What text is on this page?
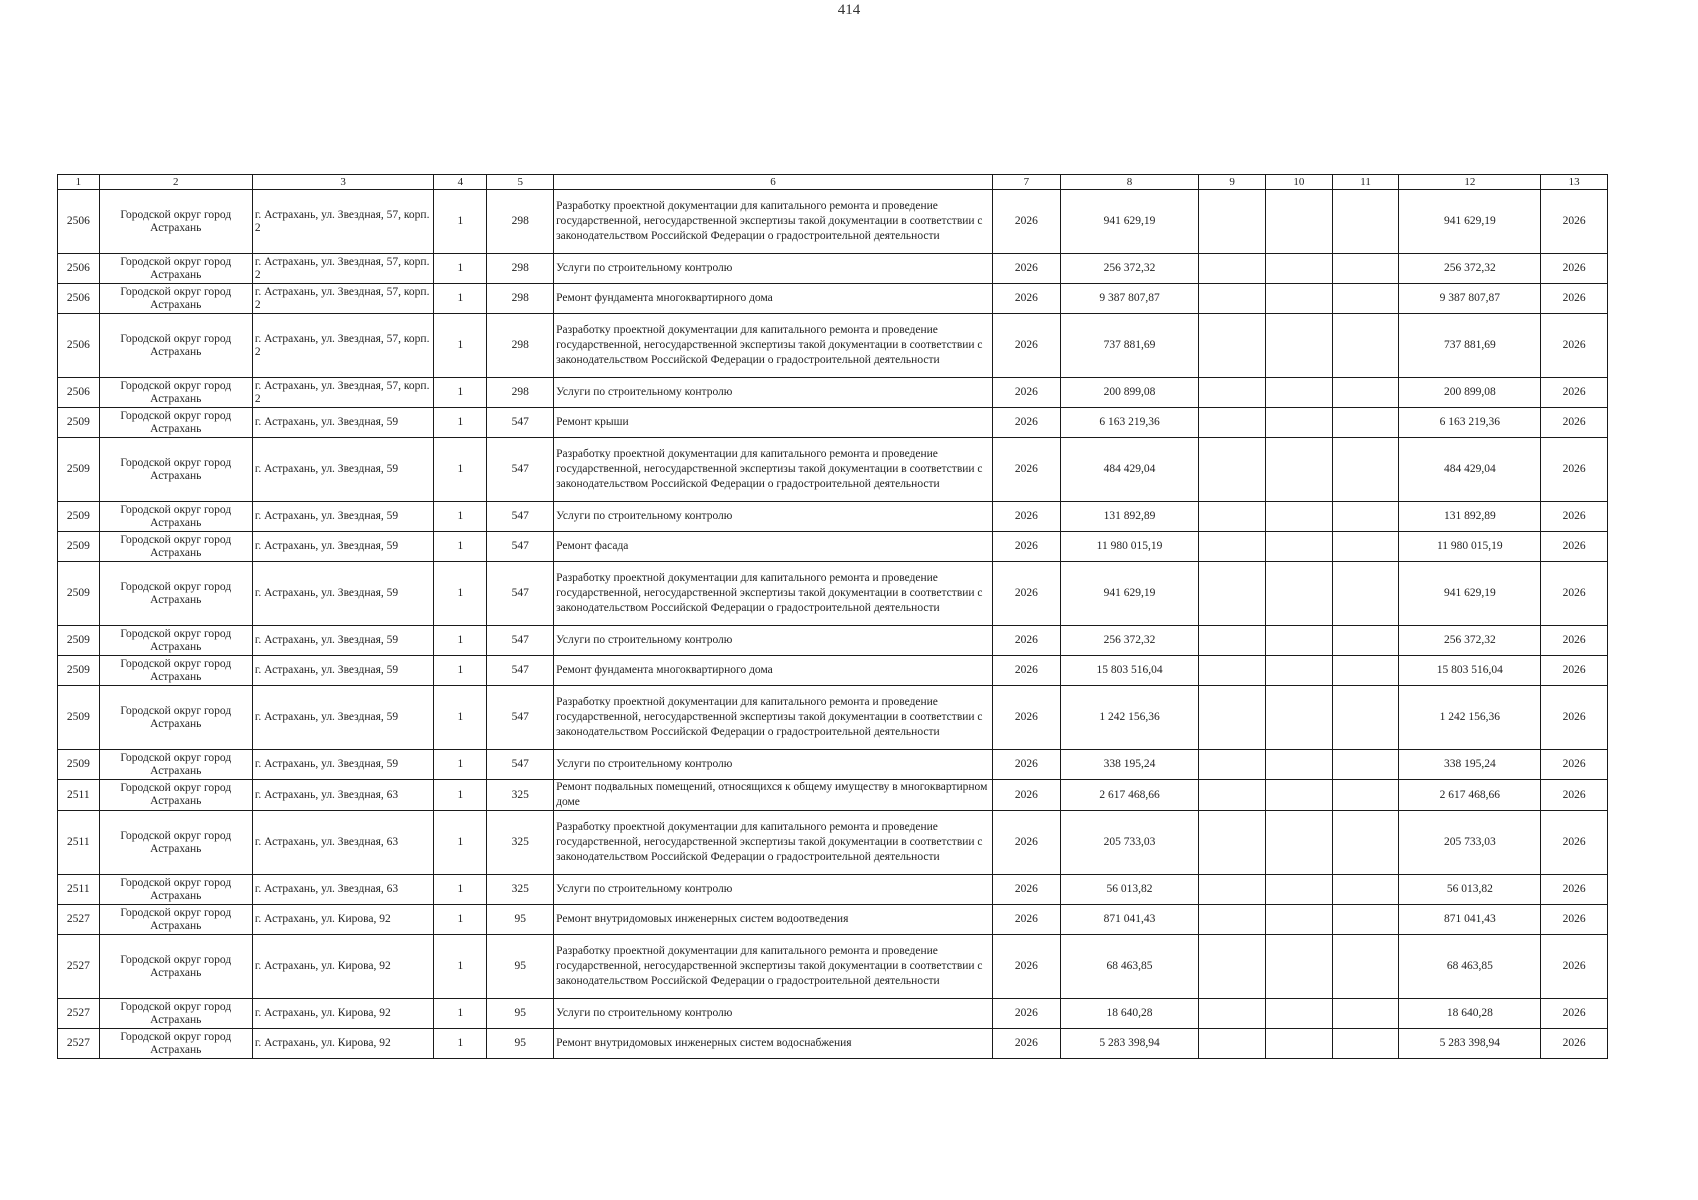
414
1	2	3	4	5	6	7	8	9	10	11	12	13
2506	Городской округ город Астрахань	г. Астрахань, ул. Звездная, 57, корп. 2	1	298	Разработку проектной документации для капитального ремонта и проведение государственной, негосударственной экспертизы такой документации в соответствии с законодательством Российской Федерации о градостроительной деятельности	2026	941 629,19				941 629,19	2026
2506	Городской округ город Астрахань	г. Астрахань, ул. Звездная, 57, корп. 2	1	298	Услуги по строительному контролю	2026	256 372,32				256 372,32	2026
2506	Городской округ город Астрахань	г. Астрахань, ул. Звездная, 57, корп. 2	1	298	Ремонт фундамента многоквартирного дома	2026	9 387 807,87				9 387 807,87	2026
2506	Городской округ город Астрахань	г. Астрахань, ул. Звездная, 57, корп. 2	1	298	Разработку проектной документации для капитального ремонта и проведение государственной, негосударственной экспертизы такой документации в соответствии с законодательством Российской Федерации о градостроительной деятельности	2026	737 881,69				737 881,69	2026
2506	Городской округ город Астрахань	г. Астрахань, ул. Звездная, 57, корп. 2	1	298	Услуги по строительному контролю	2026	200 899,08				200 899,08	2026
2509	Городской округ город Астрахань	г. Астрахань, ул. Звездная, 59	1	547	Ремонт крыши	2026	6 163 219,36				6 163 219,36	2026
2509	Городской округ город Астрахань	г. Астрахань, ул. Звездная, 59	1	547	Разработку проектной документации для капитального ремонта и проведение государственной, негосударственной экспертизы такой документации в соответствии с законодательством Российской Федерации о градостроительной деятельности	2026	484 429,04				484 429,04	2026
2509	Городской округ город Астрахань	г. Астрахань, ул. Звездная, 59	1	547	Услуги по строительному контролю	2026	131 892,89				131 892,89	2026
2509	Городской округ город Астрахань	г. Астрахань, ул. Звездная, 59	1	547	Ремонт фасада	2026	11 980 015,19				11 980 015,19	2026
2509	Городской округ город Астрахань	г. Астрахань, ул. Звездная, 59	1	547	Разработку проектной документации для капитального ремонта и проведение государственной, негосударственной экспертизы такой документации в соответствии с законодательством Российской Федерации о градостроительной деятельности	2026	941 629,19				941 629,19	2026
2509	Городской округ город Астрахань	г. Астрахань, ул. Звездная, 59	1	547	Услуги по строительному контролю	2026	256 372,32				256 372,32	2026
2509	Городской округ город Астрахань	г. Астрахань, ул. Звездная, 59	1	547	Ремонт фундамента многоквартирного дома	2026	15 803 516,04				15 803 516,04	2026
2509	Городской округ город Астрахань	г. Астрахань, ул. Звездная, 59	1	547	Разработку проектной документации для капитального ремонта и проведение государственной, негосударственной экспертизы такой документации в соответствии с законодательством Российской Федерации о градостроительной деятельности	2026	1 242 156,36				1 242 156,36	2026
2509	Городской округ город Астрахань	г. Астрахань, ул. Звездная, 59	1	547	Услуги по строительному контролю	2026	338 195,24				338 195,24	2026
2511	Городской округ город Астрахань	г. Астрахань, ул. Звездная, 63	1	325	Ремонт подвальных помещений, относящихся к общему имуществу в многоквартирном доме	2026	2 617 468,66				2 617 468,66	2026
2511	Городской округ город Астрахань	г. Астрахань, ул. Звездная, 63	1	325	Разработку проектной документации для капитального ремонта и проведение государственной, негосударственной экспертизы такой документации в соответствии с законодательством Российской Федерации о градостроительной деятельности	2026	205 733,03				205 733,03	2026
2511	Городской округ город Астрахань	г. Астрахань, ул. Звездная, 63	1	325	Услуги по строительному контролю	2026	56 013,82				56 013,82	2026
2527	Городской округ город Астрахань	г. Астрахань, ул. Кирова, 92	1	95	Ремонт внутридомовых инженерных систем водоотведения	2026	871 041,43				871 041,43	2026
2527	Городской округ город Астрахань	г. Астрахань, ул. Кирова, 92	1	95	Разработку проектной документации для капитального ремонта и проведение государственной, негосударственной экспертизы такой документации в соответствии с законодательством Российской Федерации о градостроительной деятельности	2026	68 463,85				68 463,85	2026
2527	Городской округ город Астрахань	г. Астрахань, ул. Кирова, 92	1	95	Услуги по строительному контролю	2026	18 640,28				18 640,28	2026
2527	Городской округ город Астрахань	г. Астрахань, ул. Кирова, 92	1	95	Ремонт внутридомовых инженерных систем водоснабжения	2026	5 283 398,94				5 283 398,94	2026
